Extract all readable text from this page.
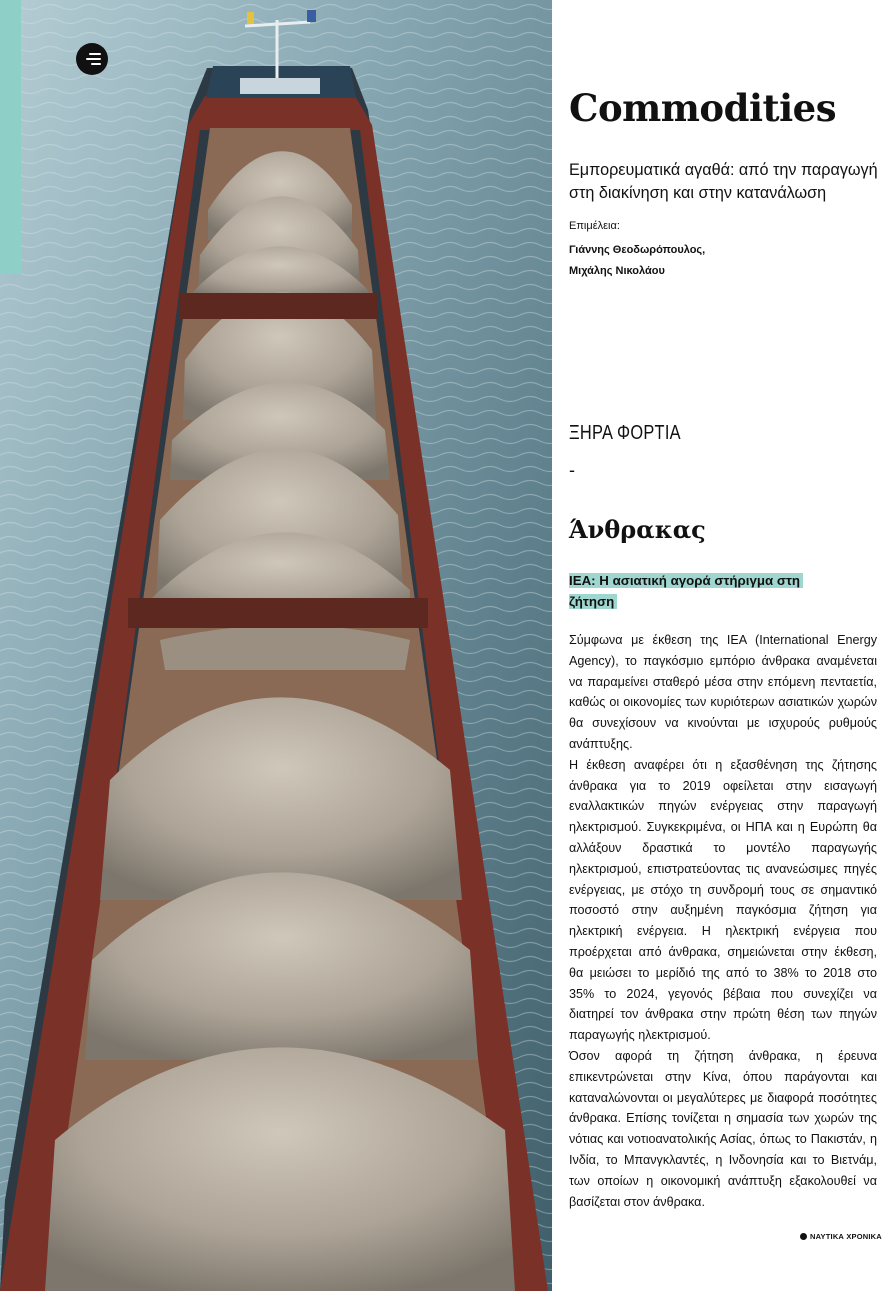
Commodities

Εμπορευματικά αγαθά: από την παραγωγή στη διακίνηση και στην κατανάλωση

Επιμέλεια:

Γιάννης Θεοδωρόπουλος,
Μιχάλης Νικολάου

ΞΗΡΑ ΦΟΡΤΙΑ

-

Άνθρακας
ΙΕΑ: Η ασιατική αγορά στήριγμα στη ζήτηση

Σύμφωνα με έκθεση της IEA (International Energy Agency), το παγκόσμιο εμπόριο άνθρακα αναμένεται να παραμείνει σταθερό μέσα στην επόμενη πενταετία, καθώς οι οικονομίες των κυριότερων ασιατικών χωρών θα συνεχίσουν να κινούνται με ισχυρούς ρυθμούς ανάπτυξης.

Η έκθεση αναφέρει ότι η εξασθένηση της ζήτησης άνθρακα για το 2019 οφείλεται στην εισαγωγή εναλλακτικών πηγών ενέργειας στην παραγωγή ηλεκτρισμού. Συγκεκριμένα, οι ΗΠΑ και η Ευρώπη θα αλλάξουν δραστικά το μοντέλο παραγωγής ηλεκτρισμού, επιστρατεύοντας τις ανανεώσιμες πηγές ενέργειας, με στόχο τη συνδρομή τους σε σημαντικό ποσοστό στην αυξημένη παγκόσμια ζήτηση για ηλεκτρική ενέργεια. Η ηλεκτρική ενέργεια που προέρχεται από άνθρακα, σημειώνεται στην έκθεση, θα μειώσει το μερίδιό της από το 38% το 2018 στο 35% το 2024, γεγονός βέβαια που συνεχίζει να διατηρεί τον άνθρακα στην πρώτη θέση των πηγών παραγωγής ηλεκτρισμού.

Όσον αφορά τη ζήτηση άνθρακα, η έρευνα επικεντρώνεται στην Κίνα, όπου παράγονται και καταναλώνονται οι μεγαλύτερες με διαφορά ποσότητες άνθρακα. Επίσης τονίζεται η σημασία των χωρών της νότιας και νοτιοανατολικής Ασίας, όπως το Πακιστάν, η Ινδία, το Μπανγκλαντές, η Ινδονησία και το Βιετνάμ, των οποίων η οικονομική ανάπτυξη εξακολουθεί να βασίζεται στον άνθρακα.

ΝΑΥΤΙΚΑ ΧΡΟΝΙΚΑ
